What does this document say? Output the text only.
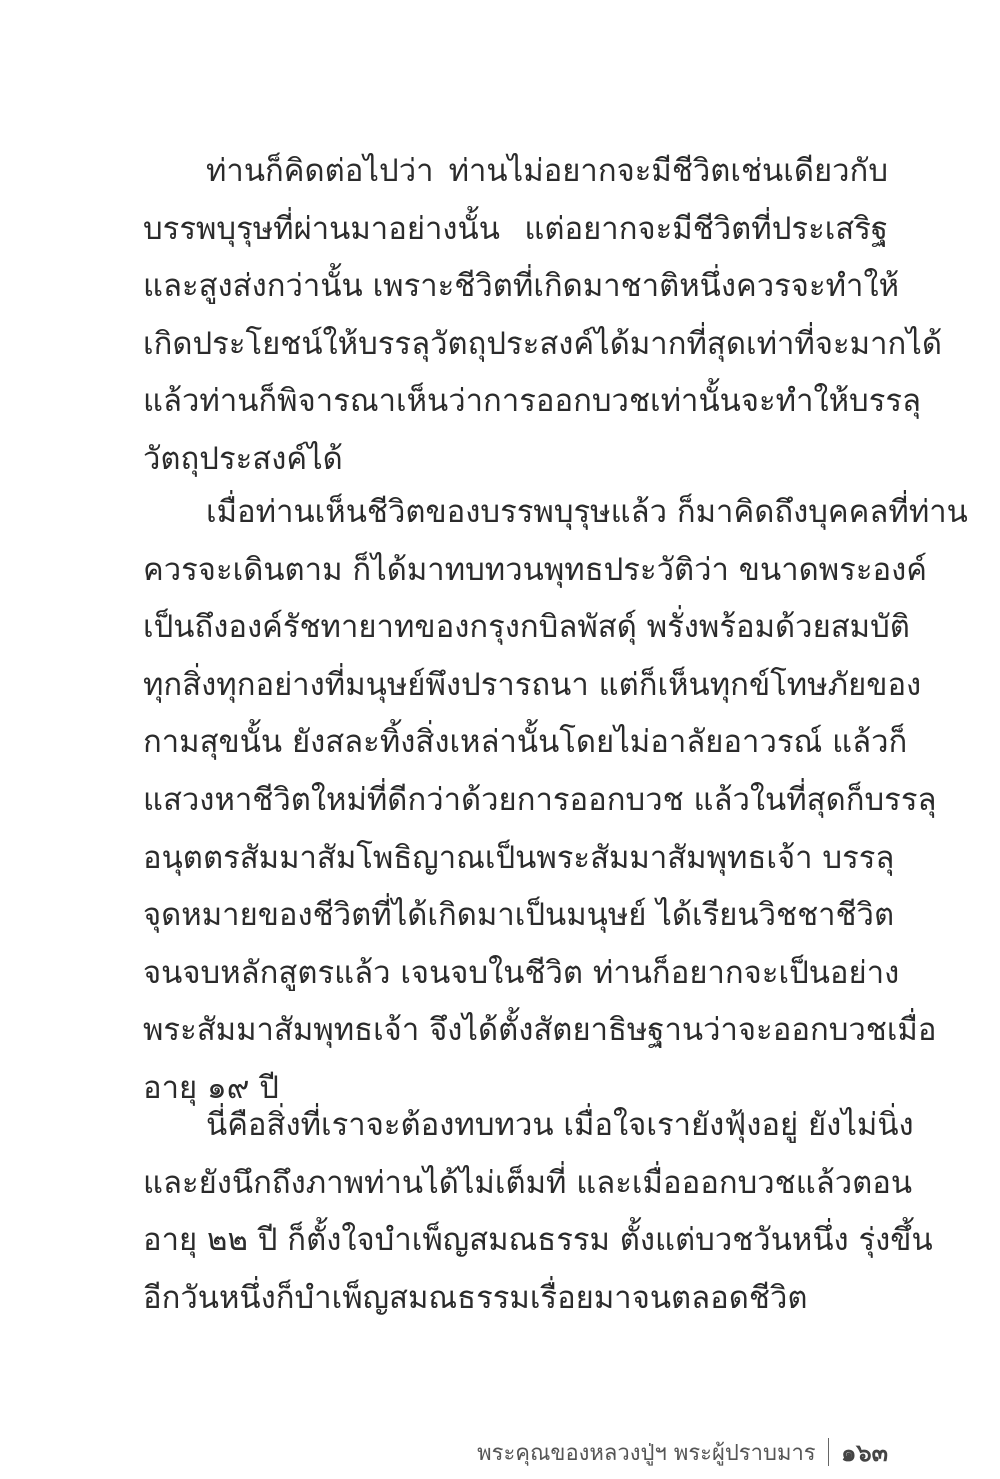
ท่านก็คิดต่อไปว่า ท่านไม่อยากจะมีชีวิตเช่นเดียวกับ
บรรพบุรุษที่ผ่านมาอย่างนั้น แต่อยากจะมีชีวิตที่ประเสริฐ
และสูงส่งกว่านั้น เพราะชีวิตที่เกิดมาชาติหนึ่งควรจะทำให้
เกิดประโยชน์ให้บรรลุวัตถุประสงค์ได้มากที่สุดเท่าที่จะมากได้
แล้วท่านก็พิจารณาเห็นว่าการออกบวชเท่านั้นจะทำให้บรรลุ
วัตถุประสงค์ได้
เมื่อท่านเห็นชีวิตของบรรพบุรุษแล้ว ก็มาคิดถึงบุคคลที่ท่าน
ควรจะเดินตาม ก็ได้มาทบทวนพุทธประวัติว่า ขนาดพระองค์
เป็นถึงองค์รัชทายาทของกรุงกบิลพัสดุ์ พรั่งพร้อมด้วยสมบัติ
ทุกสิ่งทุกอย่างที่มนุษย์พึงปรารถนา แต่ก็เห็นทุกข์โทษภัยของ
กามสุขนั้น ยังสละทิ้งสิ่งเหล่านั้นโดยไม่อาลัยอาวรณ์ แล้วก็
แสวงหาชีวิตใหม่ที่ดีกว่าด้วยการออกบวช แล้วในที่สุดก็บรรลุ
อนุตตรสัมมาสัมโพธิญาณเป็นพระสัมมาสัมพุทธเจ้า บรรลุ
จุดหมายของชีวิตที่ได้เกิดมาเป็นมนุษย์ ได้เรียนวิชชาชีวิต
จนจบหลักสูตรแล้ว เจนจบในชีวิต ท่านก็อยากจะเป็นอย่าง
พระสัมมาสัมพุทธเจ้า จึงได้ตั้งสัตยาธิษฐานว่าจะออกบวชเมื่อ
อายุ ๑๙ ปี
นี่คือสิ่งที่เราจะต้องทบทวน เมื่อใจเรายังฟุ้งอยู่ ยังไม่นิ่ง
และยังนึกถึงภาพท่านได้ไม่เต็มที่ และเมื่อออกบวชแล้วตอน
อายุ ๒๒ ปี ก็ตั้งใจบำเพ็ญสมณธรรม ตั้งแต่บวชวันหนึ่ง รุ่งขึ้น
อีกวันหนึ่งก็บำเพ็ญสมณธรรมเรื่อยมาจนตลอดชีวิต
พระคุณของหลวงปู่ฯ พระผู้ปราบมาร ๑๖๓
